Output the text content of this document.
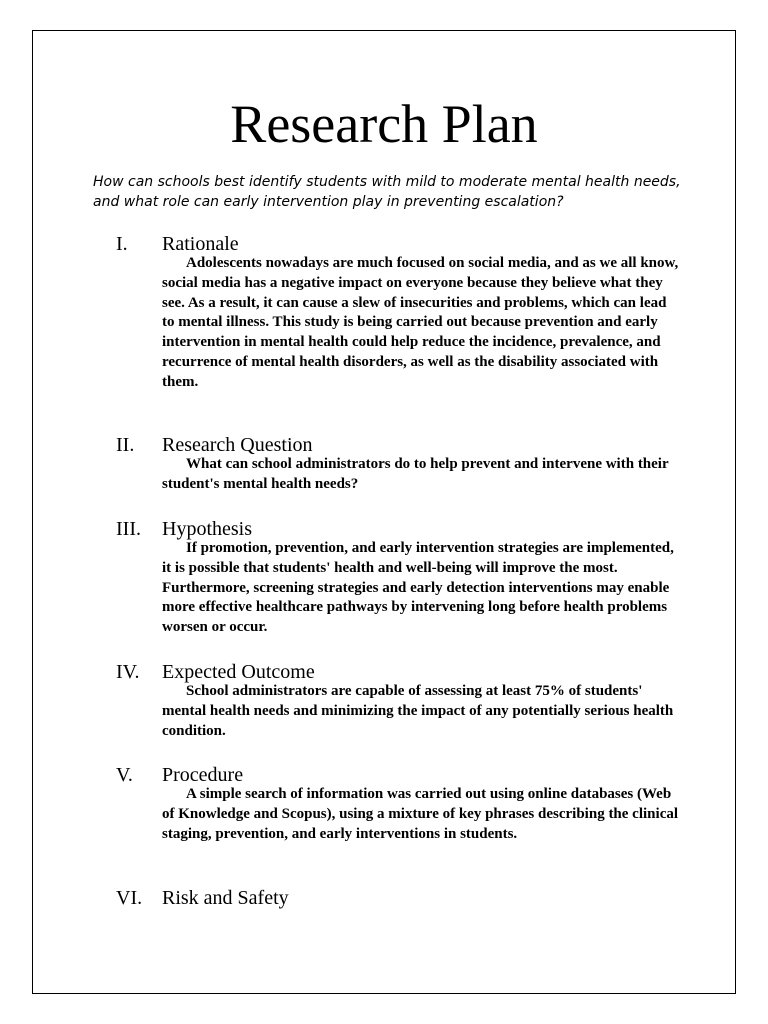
Research Plan

How can schools best identify students with mild to moderate mental health needs, and what role can early intervention play in preventing escalation?

I. Rationale

Adolescents nowadays are much focused on social media, and as we all know, social media has a negative impact on everyone because they believe what they see. As a result, it can cause a slew of insecurities and problems, which can lead to mental illness. This study is being carried out because prevention and early intervention in mental health could help reduce the incidence, prevalence, and recurrence of mental health disorders, as well as the disability associated with them.

II. Research Question

What can school administrators do to help prevent and intervene with their student's mental health needs?

III. Hypothesis

If promotion, prevention, and early intervention strategies are implemented, it is possible that students' health and well-being will improve the most. Furthermore, screening strategies and early detection interventions may enable more effective healthcare pathways by intervening long before health problems worsen or occur.

IV. Expected Outcome

School administrators are capable of assessing at least 75% of students' mental health needs and minimizing the impact of any potentially serious health condition.

V. Procedure

A simple search of information was carried out using online databases (Web of Knowledge and Scopus), using a mixture of key phrases describing the clinical staging, prevention, and early interventions in students.

VI. Risk and Safety
